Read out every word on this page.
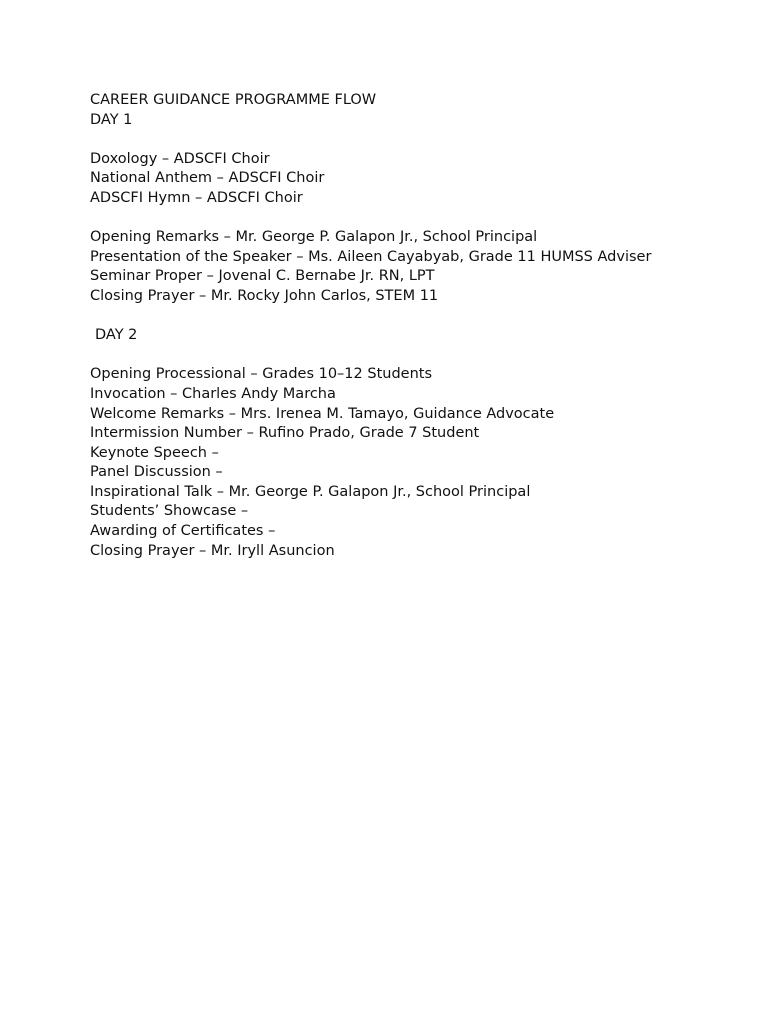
CAREER GUIDANCE PROGRAMME FLOW
DAY 1
Doxology – ADSCFI Choir
National Anthem – ADSCFI Choir
ADSCFI Hymn – ADSCFI Choir
Opening Remarks – Mr. George P. Galapon Jr., School Principal
Presentation of the Speaker – Ms. Aileen Cayabyab, Grade 11 HUMSS Adviser
Seminar Proper – Jovenal C. Bernabe Jr. RN, LPT
Closing Prayer – Mr. Rocky John Carlos, STEM 11
DAY 2
Opening Processional – Grades 10–12 Students
Invocation – Charles Andy Marcha
Welcome Remarks – Mrs. Irenea M. Tamayo, Guidance Advocate
Intermission Number – Rufino Prado, Grade 7 Student
Keynote Speech –
Panel Discussion –
Inspirational Talk – Mr. George P. Galapon Jr., School Principal
Students’ Showcase –
Awarding of Certificates –
Closing Prayer – Mr. Iryll Asuncion
